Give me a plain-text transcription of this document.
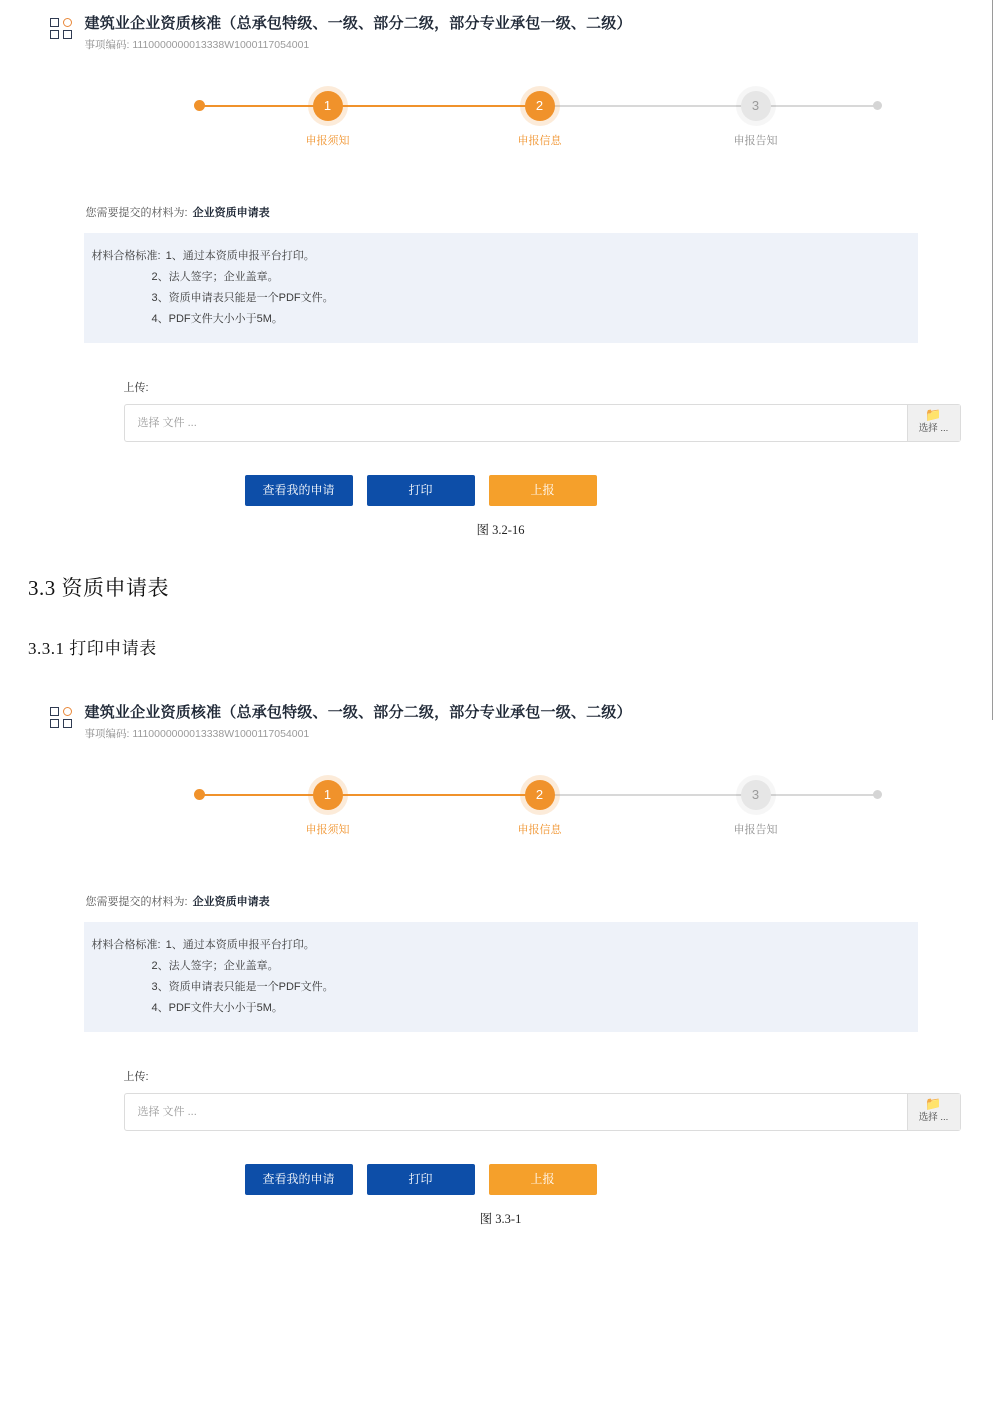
建筑业企业资质核准（总承包特级、一级、部分二级，部分专业承包一级、二级）
事项编码: 1110000000013338W1000117054001
1
申报须知
2
申报信息
3
申报告知
您需要提交的材料为: 企业资质申请表
材料合格标准: 1、通过本资质申报平台打印。
2、法人签字；企业盖章。
3、资质申请表只能是一个PDF文件。
4、PDF文件大小小于5M。
上传:
选择 文件 ...
📁
选择 ...
查看我的申请	打印	上报
图 3.2-16
3.3 资质申请表
3.3.1 打印申请表
建筑业企业资质核准（总承包特级、一级、部分二级，部分专业承包一级、二级）
事项编码: 1110000000013338W1000117054001
1
申报须知
2
申报信息
3
申报告知
您需要提交的材料为: 企业资质申请表
材料合格标准: 1、通过本资质申报平台打印。
2、法人签字；企业盖章。
3、资质申请表只能是一个PDF文件。
4、PDF文件大小小于5M。
上传:
选择 文件 ...
📁
选择 ...
查看我的申请	打印	上报
图 3.3-1
